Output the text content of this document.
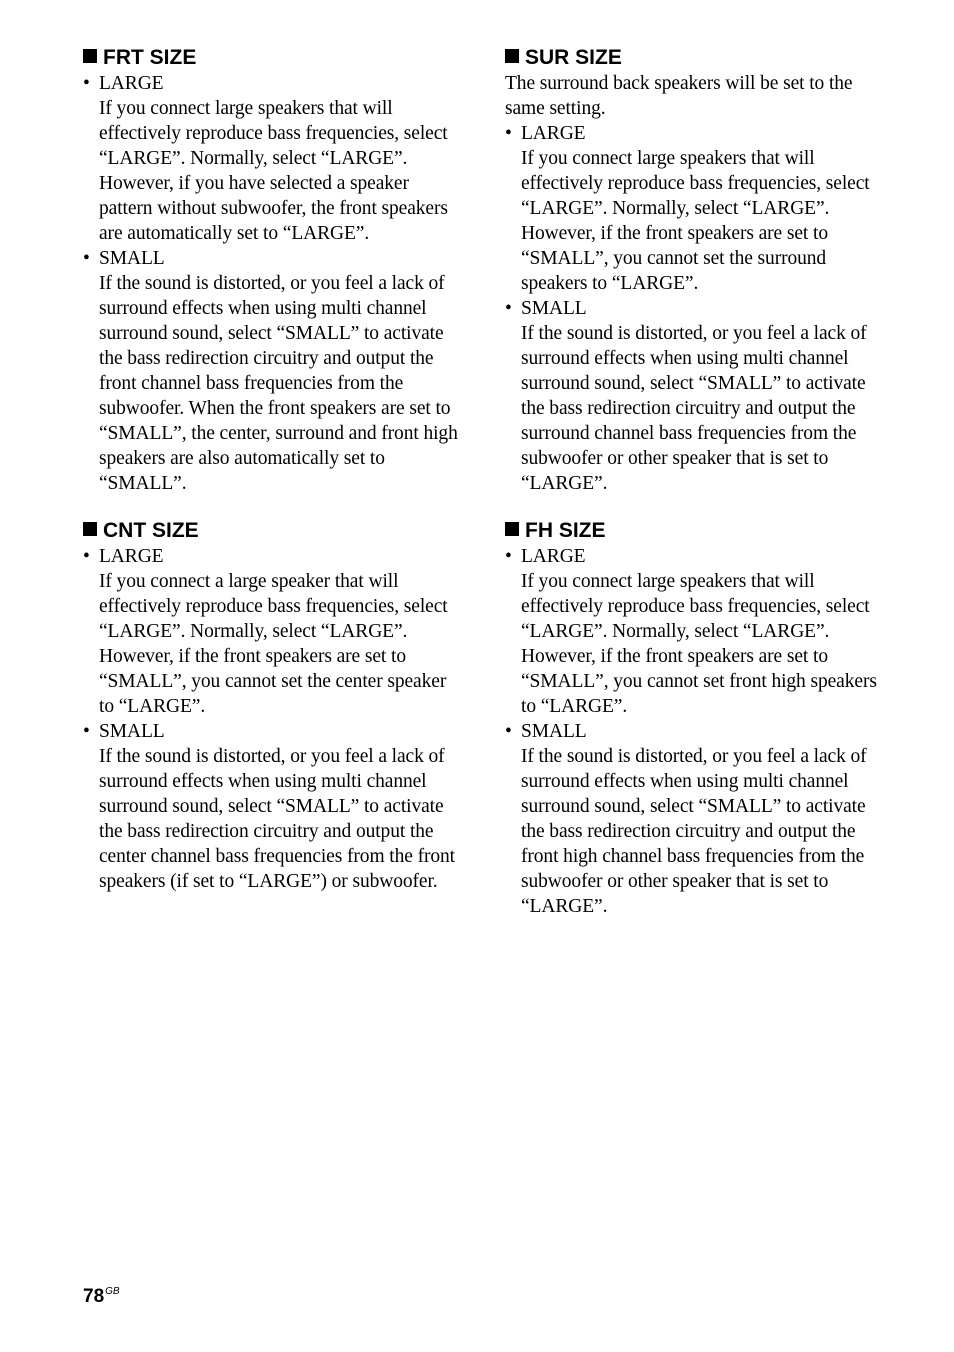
FRT SIZE
• LARGE
If you connect large speakers that will effectively reproduce bass frequencies, select “LARGE”. Normally, select “LARGE”. However, if you have selected a speaker pattern without subwoofer, the front speakers are automatically set to “LARGE”.
• SMALL
If the sound is distorted, or you feel a lack of surround effects when using multi channel surround sound, select “SMALL” to activate the bass redirection circuitry and output the front channel bass frequencies from the subwoofer. When the front speakers are set to “SMALL”, the center, surround and front high speakers are also automatically set to “SMALL”.
CNT SIZE
• LARGE
If you connect a large speaker that will effectively reproduce bass frequencies, select “LARGE”. Normally, select “LARGE”. However, if the front speakers are set to “SMALL”, you cannot set the center speaker to “LARGE”.
• SMALL
If the sound is distorted, or you feel a lack of surround effects when using multi channel surround sound, select “SMALL” to activate the bass redirection circuitry and output the center channel bass frequencies from the front speakers (if set to “LARGE”) or subwoofer.
SUR SIZE

The surround back speakers will be set to the same setting.

• LARGE
If you connect large speakers that will effectively reproduce bass frequencies, select “LARGE”. Normally, select “LARGE”. However, if the front speakers are set to “SMALL”, you cannot set the surround speakers to “LARGE”.
• SMALL
If the sound is distorted, or you feel a lack of surround effects when using multi channel surround sound, select “SMALL” to activate the bass redirection circuitry and output the surround channel bass frequencies from the subwoofer or other speaker that is set to “LARGE”.
FH SIZE
• LARGE
If you connect large speakers that will effectively reproduce bass frequencies, select “LARGE”. Normally, select “LARGE”. However, if the front speakers are set to “SMALL”, you cannot set front high speakers to “LARGE”.
• SMALL
If the sound is distorted, or you feel a lack of surround effects when using multi channel surround sound, select “SMALL” to activate the bass redirection circuitry and output the front high channel bass frequencies from the subwoofer or other speaker that is set to “LARGE”.
$78^{GB}$
